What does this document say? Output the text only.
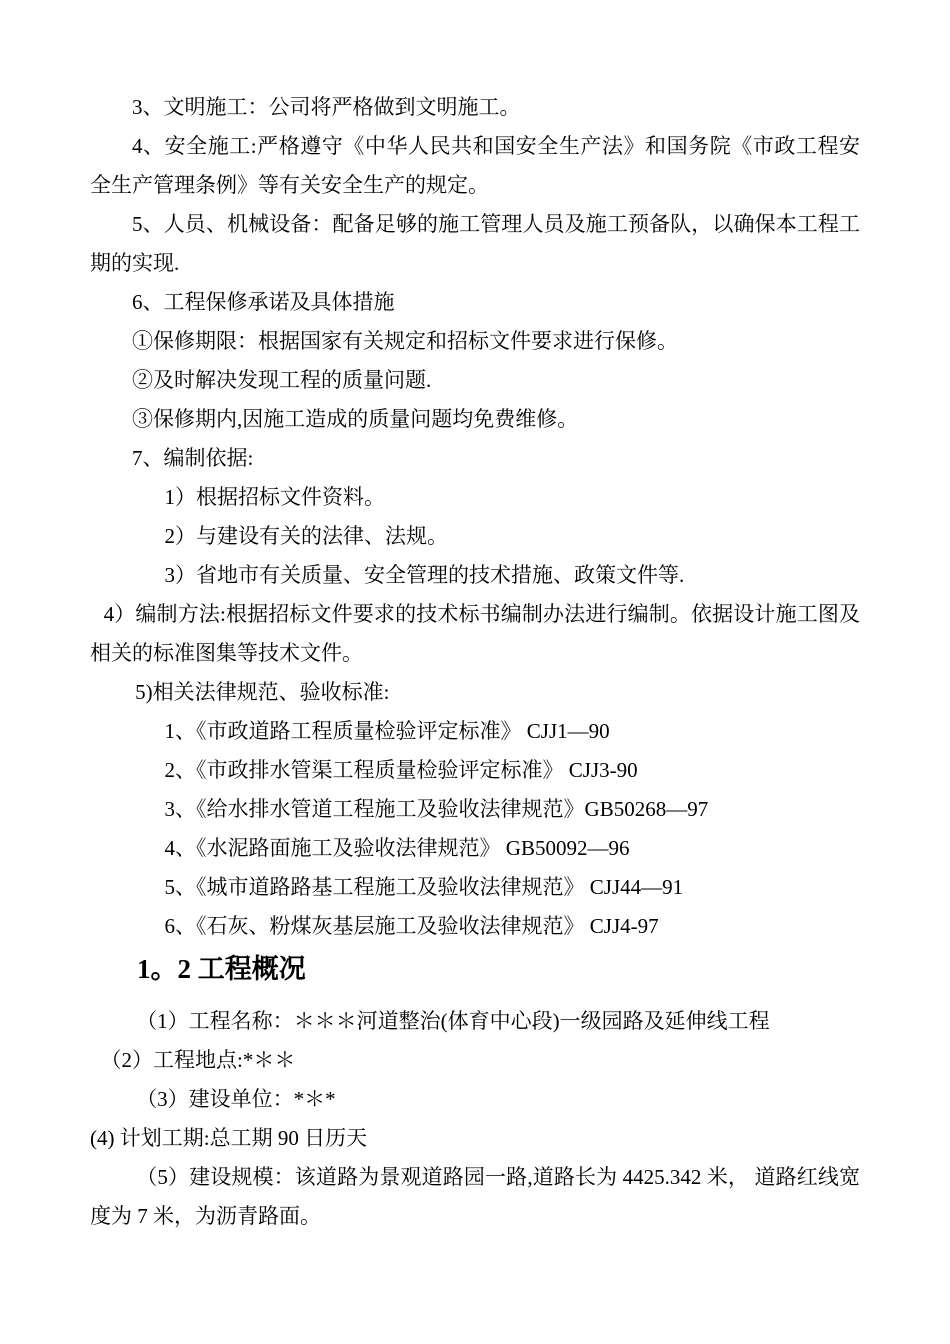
3、文明施工：公司将严格做到文明施工。

4、安全施工:严格遵守《中华人民共和国安全生产法》和国务院《市政工程安全生产管理条例》等有关安全生产的规定。

5、人员、机械设备：配备足够的施工管理人员及施工预备队，以确保本工程工期的实现.

6、工程保修承诺及具体措施

①保修期限：根据国家有关规定和招标文件要求进行保修。

②及时解决发现工程的质量问题.

③保修期内,因施工造成的质量问题均免费维修。

7、编制依据:

1）根据招标文件资料。

2）与建设有关的法律、法规。

3）省地市有关质量、安全管理的技术措施、政策文件等.

4）编制方法:根据招标文件要求的技术标书编制办法进行编制。依据设计施工图及相关的标准图集等技术文件。

5)相关法律规范、验收标准:

1、《市政道路工程质量检验评定标准》 CJJ1—90

2、《市政排水管渠工程质量检验评定标准》 CJJ3-90

3、《给水排水管道工程施工及验收法律规范》GB50268—97

4、《水泥路面施工及验收法律规范》 GB50092—96

5、《城市道路路基工程施工及验收法律规范》 CJJ44—91

6、《石灰、粉煤灰基层施工及验收法律规范》 CJJ4-97

1。2 工程概况

（1）工程名称：＊＊＊河道整治(体育中心段)一级园路及延伸线工程

（2）工程地点:*＊＊

（3）建设单位：*＊*

(4) 计划工期:总工期 90 日历天

（5）建设规模：该道路为景观道路园一路,道路长为 4425.342 米， 道路红线宽度为 7 米，为沥青路面。
